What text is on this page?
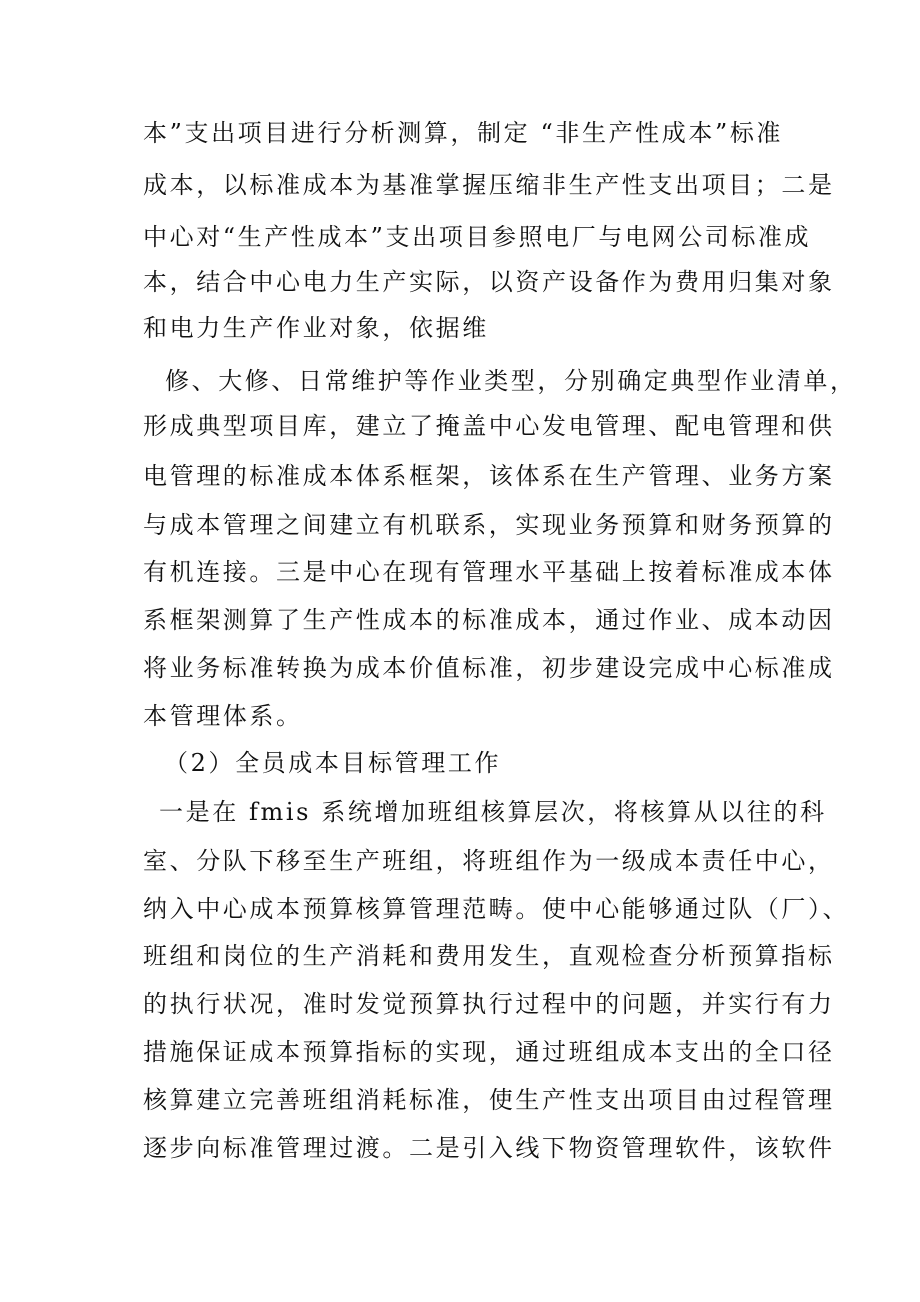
本”支出项目进行分析测算，制定 “非生产性成本”标准
成本，以标准成本为基准掌握压缩非生产性支出项目；二是
中心对“生产性成本”支出项目参照电厂与电网公司标准成
本，结合中心电力生产实际，以资产设备作为费用归集对象
和电力生产作业对象，依据维
修、大修、日常维护等作业类型，分别确定典型作业清单，
形成典型项目库，建立了掩盖中心发电管理、配电管理和供
电管理的标准成本体系框架，该体系在生产管理、业务方案
与成本管理之间建立有机联系，实现业务预算和财务预算的
有机连接。三是中心在现有管理水平基础上按着标准成本体
系框架测算了生产性成本的标准成本，通过作业、成本动因
将业务标准转换为成本价值标准，初步建设完成中心标准成
本管理体系。
（2）全员成本目标管理工作
一是在 fmis 系统增加班组核算层次，将核算从以往的科
室、分队下移至生产班组，将班组作为一级成本责任中心，
纳入中心成本预算核算管理范畴。使中心能够通过队（厂）、
班组和岗位的生产消耗和费用发生，直观检查分析预算指标
的执行状况，准时发觉预算执行过程中的问题，并实行有力
措施保证成本预算指标的实现，通过班组成本支出的全口径
核算建立完善班组消耗标准，使生产性支出项目由过程管理
逐步向标准管理过渡。二是引入线下物资管理软件，该软件
